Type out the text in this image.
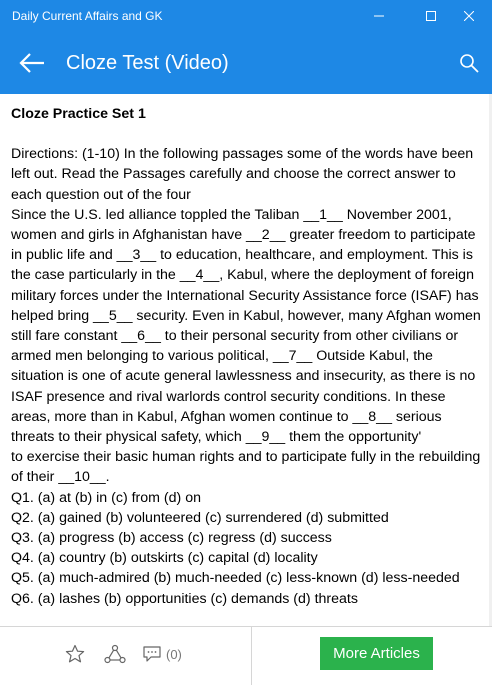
Daily Current Affairs and GK
Cloze Test (Video)
Cloze Practice Set 1

Directions: (1-10) In the following passages some of the words have been left out. Read the Passages carefully and choose the correct answer to each question out of the four

Since the U.S. led alliance toppled the Taliban __1__ November 2001, women and girls in Afghanistan have __2__ greater freedom to participate in public life and __3__ to education, healthcare, and employment. This is the case particularly in the __4__, Kabul, where the deployment of foreign military forces under the International Security Assistance force (ISAF) has helped bring __5__ security. Even in Kabul, however, many Afghan women still fare constant __6__ to their personal security from other civilians or armed men belonging to various political, __7__ Outside Kabul, the situation is one of acute general lawlessness and insecurity, as there is no ISAF presence and rival warlords control security conditions. In these areas, more than in Kabul, Afghan women continue to __8__ serious threats to their physical safety, which __9__ them the opportunity'

to exercise their basic human rights and to participate fully in the rebuilding of their __10__.

Q1. (a) at (b) in (c) from (d) on

Q2. (a) gained (b) volunteered (c) surrendered (d) submitted

Q3. (a) progress (b) access (c) regress (d) success

Q4. (a) country (b) outskirts (c) capital (d) locality

Q5. (a) much-admired (b) much-needed (c) less-known (d) less-needed

Q6. (a) lashes (b) opportunities (c) demands (d) threats

(0)	More Articles
